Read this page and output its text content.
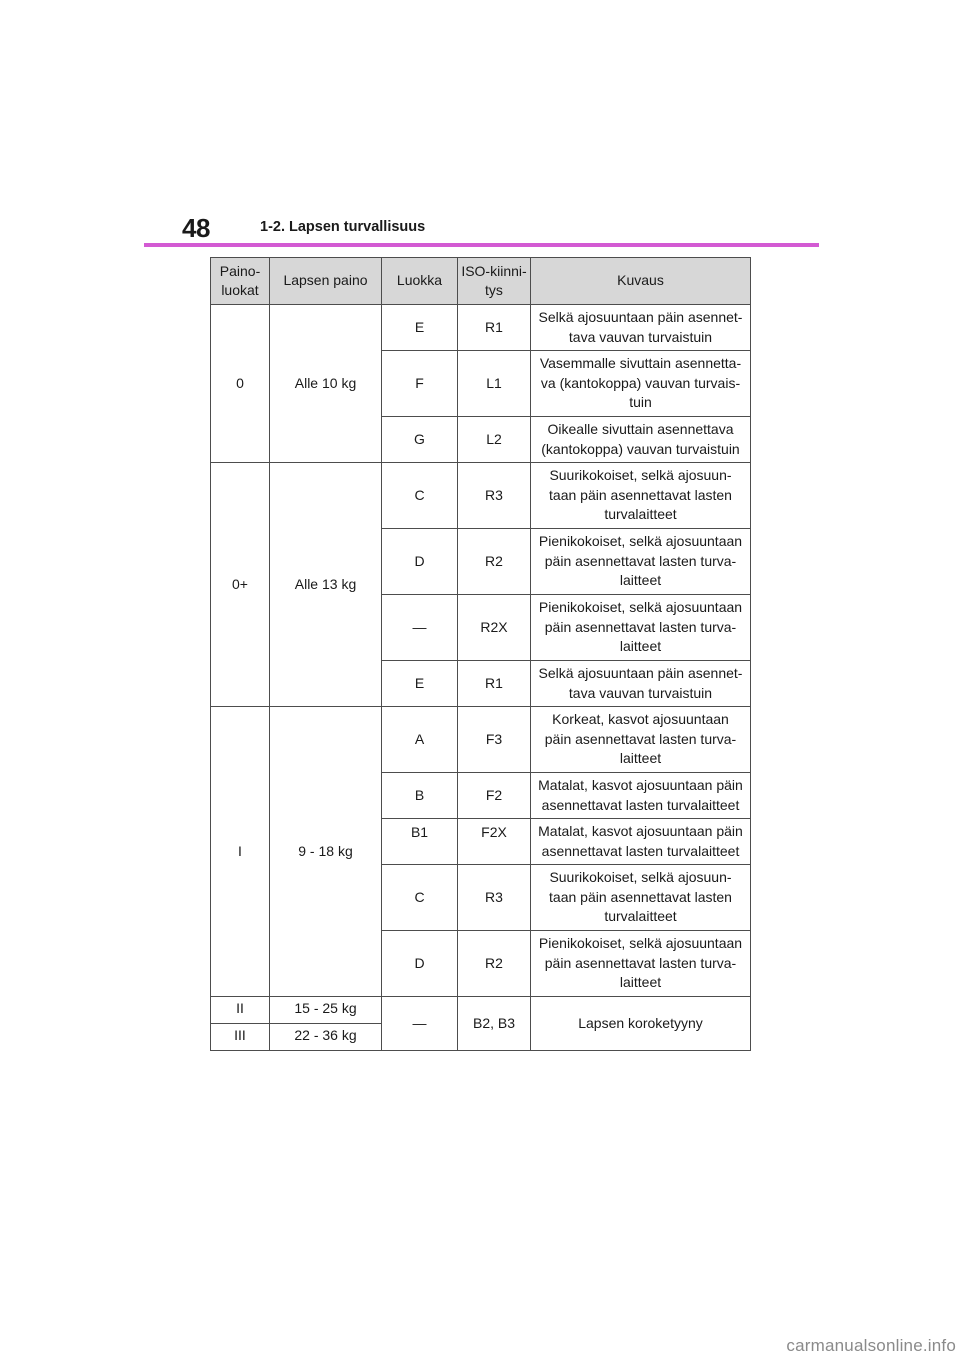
48	1-2. Lapsen turvallisuus
Paino-
luokat	Lapsen paino	Luokka	ISO-kiinni-
tys	Kuvaus
0	Alle 10 kg	E	R1	Selkä ajosuuntaan päin asennet-
tava vauvan turvaistuin
		F	L1	Vasemmalle sivuttain asennetta-
va (kantokoppa) vauvan turvais-
tuin
		G	L2	Oikealle sivuttain asennettava
(kantokoppa) vauvan turvaistuin
0+	Alle 13 kg	C	R3	Suurikokoiset, selkä ajosuun-
taan päin asennettavat lasten
turvalaitteet
		D	R2	Pienikokoiset, selkä ajosuuntaan
päin asennettavat lasten turva-
laitteet
		—	R2X	Pienikokoiset, selkä ajosuuntaan
päin asennettavat lasten turva-
laitteet
		E	R1	Selkä ajosuuntaan päin asennet-
tava vauvan turvaistuin
I	9 - 18 kg	A	F3	Korkeat, kasvot ajosuuntaan
päin asennettavat lasten turva-
laitteet
		B	F2	Matalat, kasvot ajosuuntaan päin
asennettavat lasten turvalaitteet
		B1	F2X	Matalat, kasvot ajosuuntaan päin
asennettavat lasten turvalaitteet
		C	R3	Suurikokoiset, selkä ajosuun-
taan päin asennettavat lasten
turvalaitteet
		D	R2	Pienikokoiset, selkä ajosuuntaan
päin asennettavat lasten turva-
laitteet
II	15 - 25 kg	—	B2, B3	Lapsen koroketyyny
III	22 - 36 kg			
carmanualsonline.info
